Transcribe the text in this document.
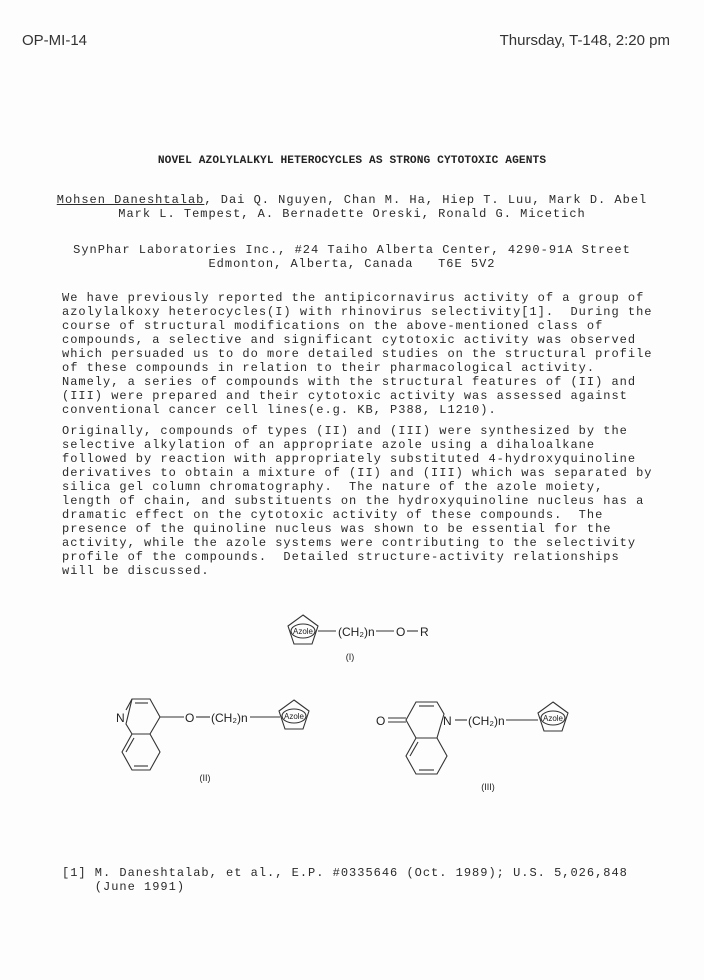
OP-MI-14	Thursday, T-148, 2:20 pm
NOVEL AZOLYLALKYL HETEROCYCLES AS STRONG CYTOTOXIC AGENTS
Mohsen Daneshtalab, Dai Q. Nguyen, Chan M. Ha, Hiep T. Luu, Mark D. Abel
Mark L. Tempest, A. Bernadette Oreski, Ronald G. Micetich
SynPhar Laboratories Inc., #24 Taiho Alberta Center, 4290-91A Street
Edmonton, Alberta, Canada   T6E 5V2
We have previously reported the antipicornavirus activity of a group of
azolylalkoxy heterocycles(I) with rhinovirus selectivity[1].  During the
course of structural modifications on the above-mentioned class of
compounds, a selective and significant cytotoxic activity was observed
which persuaded us to do more detailed studies on the structural profile
of these compounds in relation to their pharmacological activity.
Namely, a series of compounds with the structural features of (II) and
(III) were prepared and their cytotoxic activity was assessed against
conventional cancer cell lines(e.g. KB, P388, L1210).
Originally, compounds of types (II) and (III) were synthesized by the
selective alkylation of an appropriate azole using a dihaloalkane
followed by reaction with appropriately substituted 4-hydroxyquinoline
derivatives to obtain a mixture of (II) and (III) which was separated by
silica gel column chromatography.  The nature of the azole moiety,
length of chain, and substituents on the hydroxyquinoline nucleus has a
dramatic effect on the cytotoxic activity of these compounds.  The
presence of the quinoline nucleus was shown to be essential for the
activity, while the azole systems were contributing to the selectivity
profile of the compounds.  Detailed structure-activity relationships
will be discussed.
Azole (CH₂)n O R
(I)
N	O (CH₂)n	Azole
(II)
O	N (CH₂)n	Azole
(III)
[1] M. Daneshtalab, et al., E.P. #0335646 (Oct. 1989); U.S. 5,026,848
(June 1991)
